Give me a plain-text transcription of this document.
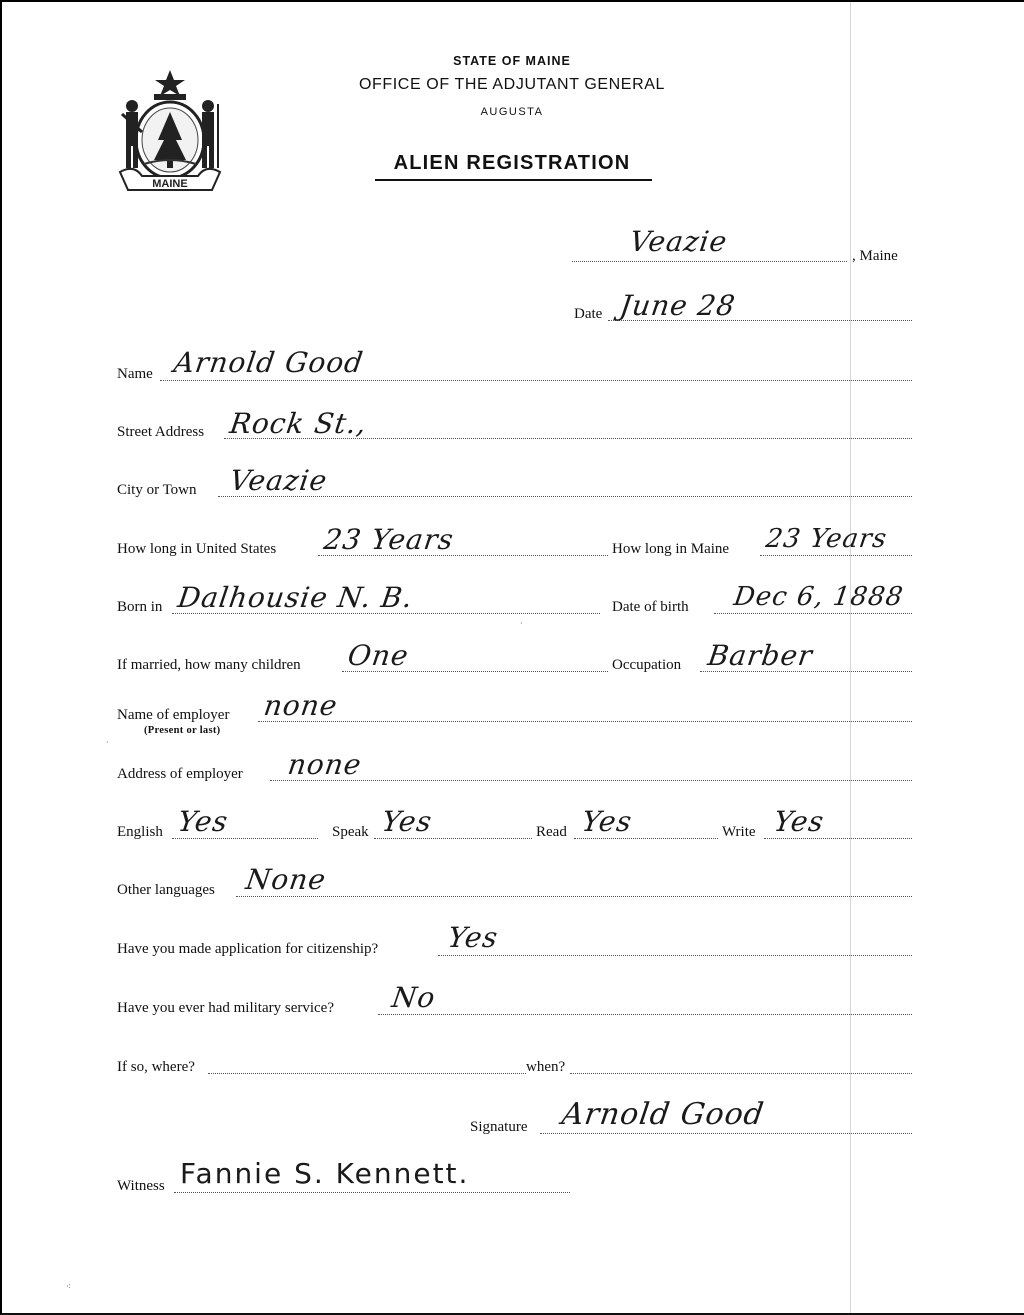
MAINE
STATE OF MAINE
OFFICE OF THE ADJUTANT GENERAL
AUGUSTA
ALIEN REGISTRATION
Veazie	, Maine
Date June 28
Name Arnold Good
Street Address Rock St.,
City or Town Veazie
How long in United States 23 Years	How long in Maine 23 Years
Born in Dalhousie N. B.	Date of birth Dec 6, 1888
If married, how many children One	Occupation Barber
Name of employer
(Present or last)
none
Address of employer none
English Yes	Speak Yes	Read Yes	Write Yes
Other languages None
Have you made application for citizenship? Yes
Have you ever had military service? No
If so, where?	when?
Signature Arnold Good
Witness Fannie S. Kennett.
⁖
·
·
